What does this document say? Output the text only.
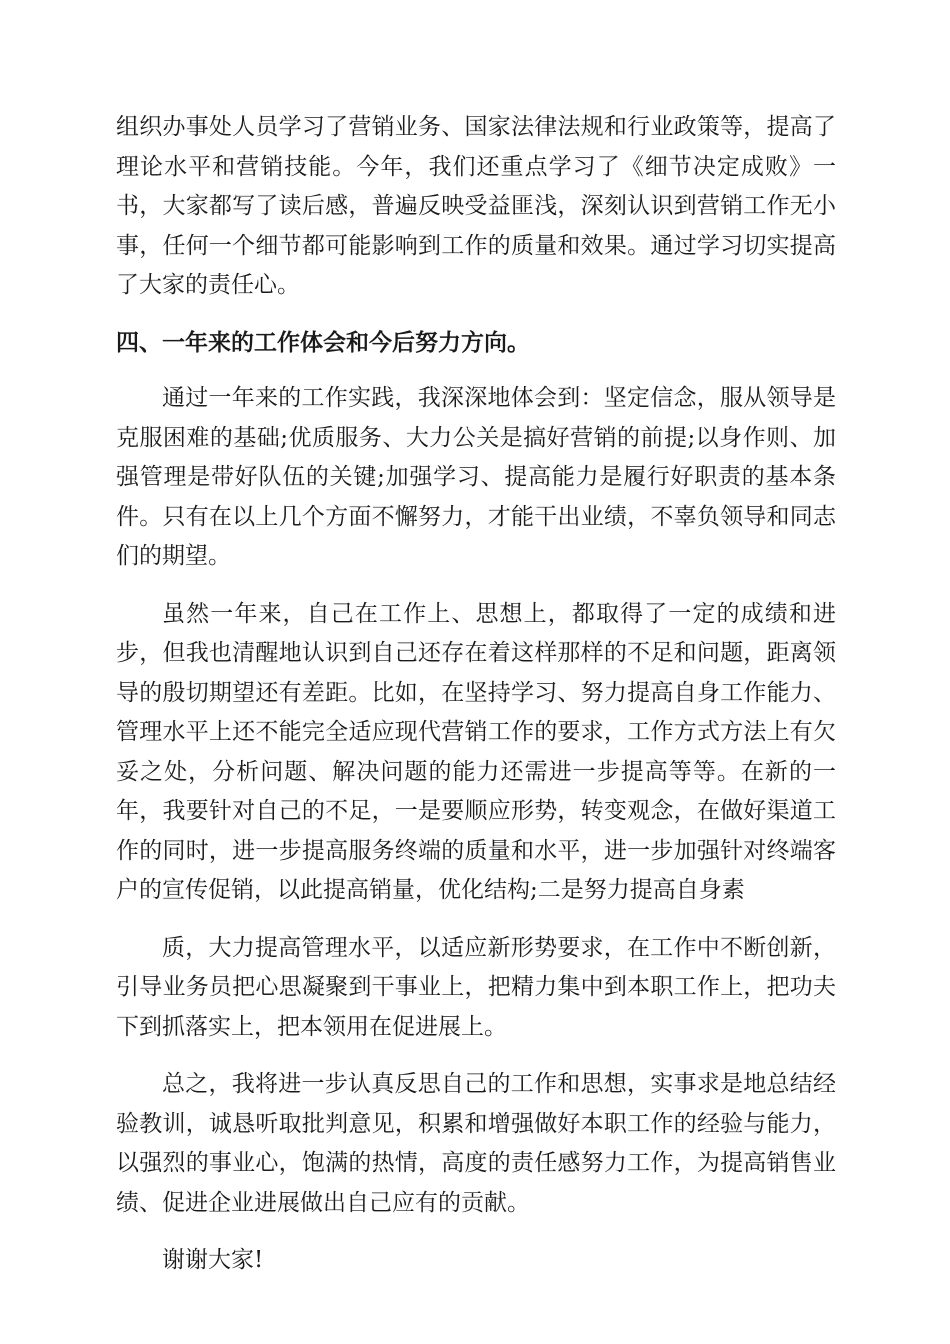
组织办事处人员学习了营销业务、国家法律法规和行业政策等，提高了理论水平和营销技能。今年，我们还重点学习了《细节决定成败》一书，大家都写了读后感，普遍反映受益匪浅，深刻认识到营销工作无小事，任何一个细节都可能影响到工作的质量和效果。通过学习切实提高了大家的责任心。

四、一年来的工作体会和今后努力方向。

通过一年来的工作实践，我深深地体会到：坚定信念，服从领导是克服困难的基础;优质服务、大力公关是搞好营销的前提;以身作则、加强管理是带好队伍的关键;加强学习、提高能力是履行好职责的基本条件。只有在以上几个方面不懈努力，才能干出业绩，不辜负领导和同志们的期望。

虽然一年来，自己在工作上、思想上，都取得了一定的成绩和进步，但我也清醒地认识到自己还存在着这样那样的不足和问题，距离领导的殷切期望还有差距。比如，在坚持学习、努力提高自身工作能力、管理水平上还不能完全适应现代营销工作的要求，工作方式方法上有欠妥之处，分析问题、解决问题的能力还需进一步提高等等。在新的一年，我要针对自己的不足，一是要顺应形势，转变观念，在做好渠道工作的同时，进一步提高服务终端的质量和水平，进一步加强针对终端客户的宣传促销，以此提高销量，优化结构;二是努力提高自身素

质，大力提高管理水平，以适应新形势要求，在工作中不断创新，引导业务员把心思凝聚到干事业上，把精力集中到本职工作上，把功夫下到抓落实上，把本领用在促进展上。

总之，我将进一步认真反思自己的工作和思想，实事求是地总结经验教训，诚恳听取批判意见，积累和增强做好本职工作的经验与能力，以强烈的事业心，饱满的热情，高度的责任感努力工作，为提高销售业绩、促进企业进展做出自己应有的贡献。

谢谢大家!
